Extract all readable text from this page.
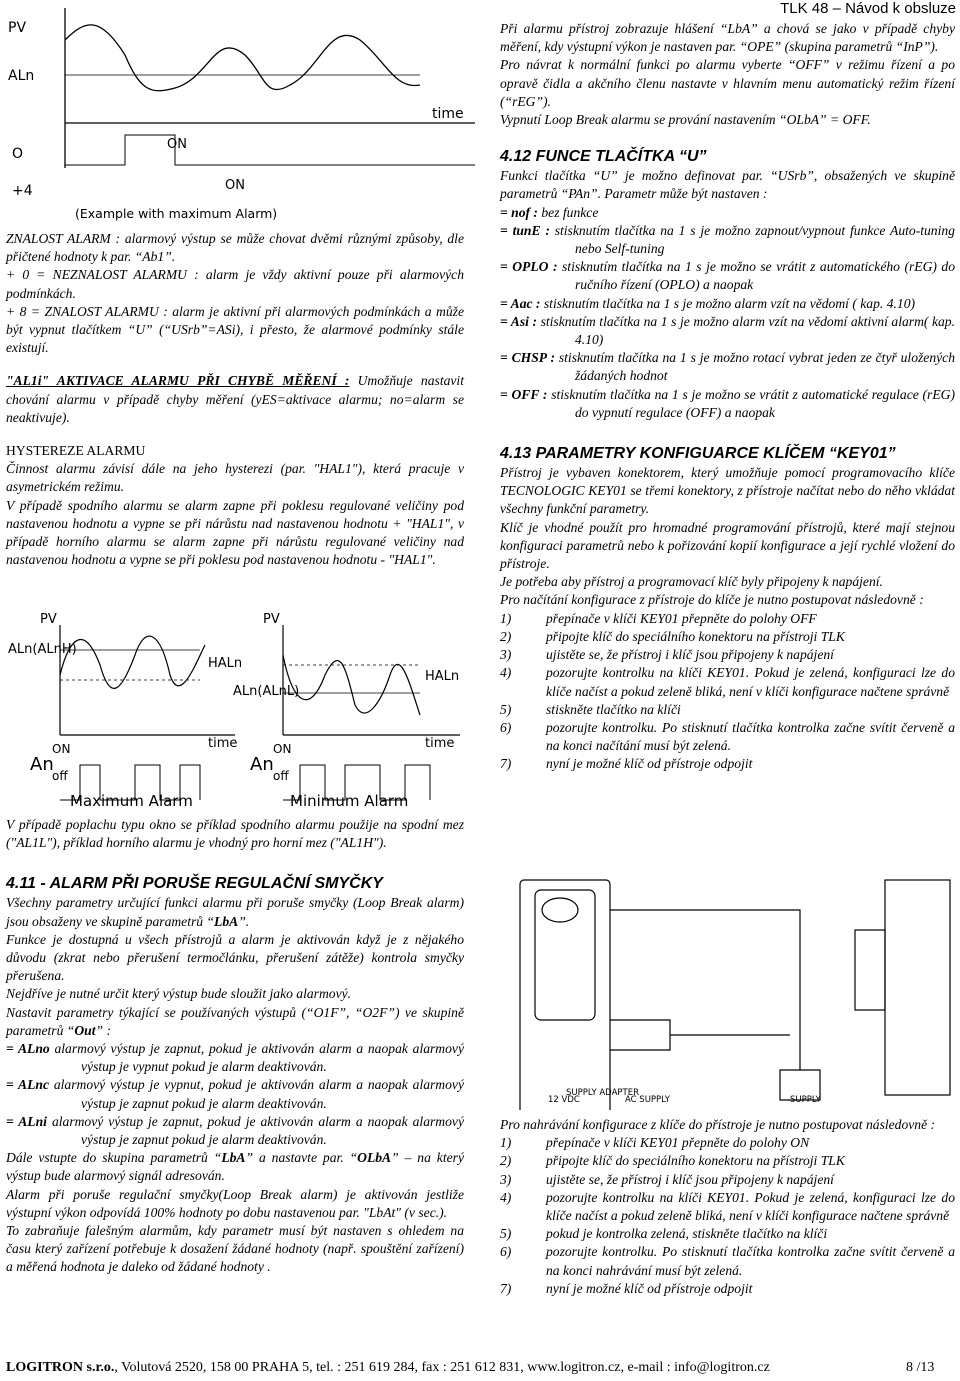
TLK 48 – Návod k obsluze
PV
ALn
O
ON
time
+4	ON
(Example with maximum Alarm)

ZNALOST ALARM : alarmový výstup se může chovat dvěmi různými způsoby, dle přičtené hodnoty k par. “Ab1”.

+ 0 = NEZNALOST ALARMU : alarm je vždy aktivní pouze při alarmových podmínkách.

+ 8 = ZNALOST ALARMU : alarm je aktivní při alarmových podmínkách a může být vypnut tlačítkem “U” (“USrb”=ASi), i přesto, že alarmové podmínky stále existují.

"AL1i" AKTIVACE ALARMU PŘI CHYBĚ MĚŘENÍ : Umožňuje nastavit chování alarmu v případě chyby měření (yES=aktivace alarmu; no=alarm se neaktivuje).

HYSTEREZE ALARMU

Činnost alarmu závisí dále na jeho hysterezi (par. "HAL1"), která pracuje v asymetrickém režimu.

V případě spodního alarmu se alarm zapne při poklesu regulované veličiny pod nastavenou hodnotu a vypne se při nárůstu nad nastavenou hodnotu + "HAL1", v případě horního alarmu se alarm zapne při nárůstu regulované veličiny nad nastavenou hodnotu a vypne se při poklesu pod nastavenou hodnotu - "HAL1".

PV
ALn(ALnH)
HALn
ON
An
off
time
Maximum Alarm
PV
ALn(ALnL)
HALn
ON
An
off
time
Minimum Alarm

V případě poplachu typu okno se příklad spodního alarmu použije na spodní mez ("AL1L"), příklad horního alarmu je vhodný pro horní mez ("AL1H").

4.11 - ALARM PŘI PORUŠE REGULAČNÍ SMYČKY

Všechny parametry určující funkci alarmu při poruše smyčky (Loop Break alarm) jsou obsaženy ve skupině parametrů “LbA”.

Funkce je dostupná u všech přístrojů a alarm je aktivován když je z nějakého důvodu (zkrat nebo přerušení termočlánku, přerušení zátěže) kontrola smyčky přerušena.

Nejdříve je nutné určit který výstup bude sloužit jako alarmový.

Nastavit parametry týkající se používaných výstupů (“O1F”, “O2F”) ve skupině parametrů “Out” :

= ALno alarmový výstup je zapnut, pokud je aktivován alarm a naopak alarmový výstup je vypnut pokud je alarm deaktivován.

= ALnc alarmový výstup je vypnut, pokud je aktivován alarm a naopak alarmový výstup je zapnut pokud je alarm deaktivován.

= ALni alarmový výstup je zapnut, pokud je aktivován alarm a naopak alarmový výstup je zapnut pokud je alarm deaktivován.

Dále vstupte do skupina parametrů “LbA” a nastavte par. “OLbA” – na který výstup bude alarmový signál adresován.

Alarm při poruše regulační smyčky(Loop Break alarm) je aktivován jestliže výstupní výkon odpovídá 100% hodnoty po dobu nastavenou par. "LbAt" (v sec.).

To zabraňuje falešným alarmům, kdy parametr musí být nastaven s ohledem na času který zařízení potřebuje k dosažení žádané hodnoty (např. spouštění zařízení) a měřená hodnota je daleko od žádané hodnoty .

Při alarmu přístroj zobrazuje hlášení “LbA” a chová se jako v případě chyby měření, kdy výstupní výkon je nastaven par. “OPE” (skupina parametrů “InP”).

Pro návrat k normální funkci po alarmu vyberte “OFF” v režimu řízení a po opravě čidla a akčního členu nastavte v hlavním menu automatický režim řízení (“rEG”).

Vypnutí Loop Break alarmu se prování nastavením “OLbA” = OFF.

4.12 FUNCE TLAČÍTKA “U”

Funkci tlačítka “U” je možno definovat par. “USrb”, obsažených ve skupině parametrů “PAn”. Parametr může být nastaven :

= nof : bez funkce

= tunE : stisknutím tlačítka na 1 s je možno zapnout/vypnout funkce Auto-tuning nebo Self-tuning

= OPLO : stisknutím tlačítka na 1 s je možno se vrátit z automatického (rEG) do ručního řízení (OPLO) a naopak

= Aac : stisknutím tlačítka na 1 s je možno alarm vzít na vědomí ( kap. 4.10)

= Asi : stisknutím tlačítka na 1 s je možno alarm vzít na vědomí aktivní alarm( kap. 4.10)

= CHSP : stisknutím tlačítka na 1 s je možno rotací vybrat jeden ze čtyř uložených žádaných hodnot

= OFF : stisknutím tlačítka na 1 s je možno se vrátit z automatické regulace (rEG) do vypnutí regulace (OFF) a naopak

4.13 PARAMETRY KONFIGUARCE KLÍČEM “KEY01”

Přístroj je vybaven konektorem, který umožňuje pomocí programovacího klíče TECNOLOGIC KEY01 se třemi konektory, z přístroje načítat nebo do něho vkládat všechny funkční parametry.

Klíč je vhodné použít pro hromadné programování přístrojů, které mají stejnou konfiguraci parametrů nebo k pořizování kopií konfigurace a její rychlé vložení do přístroje.

Je potřeba aby přístroj a programovací klíč byly připojeny k napájení.

Pro načítání konfigurace z přístroje do klíče je nutno postupovat následovně :

1)	přepínače v klíči KEY01 přepněte do polohy OFF

2)	připojte klíč do speciálního konektoru na přístroji TLK

3)	ujistěte se, že přístroj i klíč jsou připojeny k napájení

4)	pozorujte kontrolku na klíči KEY01. Pokud je zelená, konfiguraci lze do klíče načíst a pokud zeleně bliká, není v klíči konfigurace načtene správně

5)	stiskněte tlačítko na klíči

6)	pozorujte kontrolku. Po stisknutí tlačítka kontrolka začne svítit červeně a na konci načítání musí být zelená.

7)	nyní je možné klíč od přístroje odpojit

12 VDC	AC SUPPLY
SUPPLY ADAPTER
SUPPLY

Pro nahrávání konfigurace z klíče do přístroje je nutno postupovat následovně :

1)	přepínače v klíči KEY01 přepněte do polohy ON

2)	připojte klíč do speciálního konektoru na přístroji TLK

3)	ujistěte se, že přístroj i klíč jsou připojeny k napájení

4)	pozorujte kontrolku na klíči KEY01. Pokud je zelená, konfiguraci lze do klíče načíst a pokud zeleně bliká, není v klíči konfigurace načtene správně

5)	pokud je kontrolka zelená, stiskněte tlačítko na klíči

6)	pozorujte kontrolku. Po stisknutí tlačítka kontrolka začne svítit červeně a na konci nahrávání musí být zelená.

7)	nyní je možné klíč od přístroje odpojit

LOGITRON s.r.o., Volutová 2520, 158 00 PRAHA 5, tel. : 251 619 284, fax : 251 612 831, www.logitron.cz, e-mail : info@logitron.cz	8 /13
